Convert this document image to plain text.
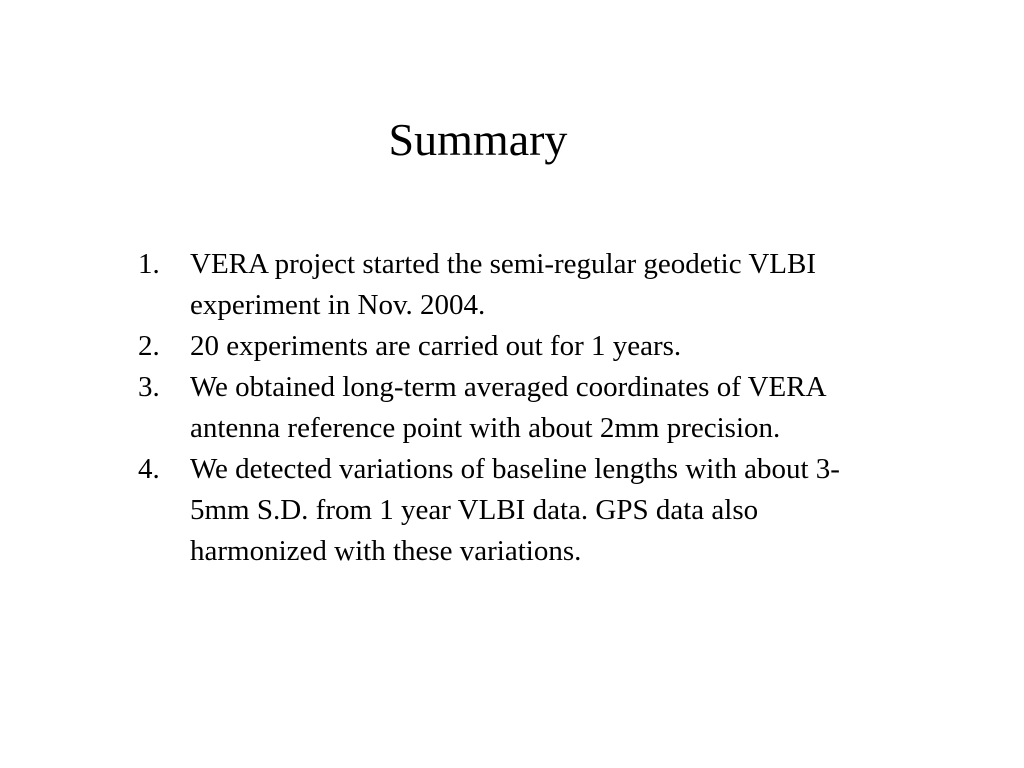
Summary
1. VERA project started the semi-regular geodetic VLBI experiment in Nov. 2004.
2. 20 experiments are carried out for 1 years.
3. We obtained long-term averaged coordinates of VERA antenna reference point with about 2mm precision.
4. We detected variations of baseline lengths with about 3-5mm S.D. from 1 year VLBI data. GPS data also harmonized with these variations.
